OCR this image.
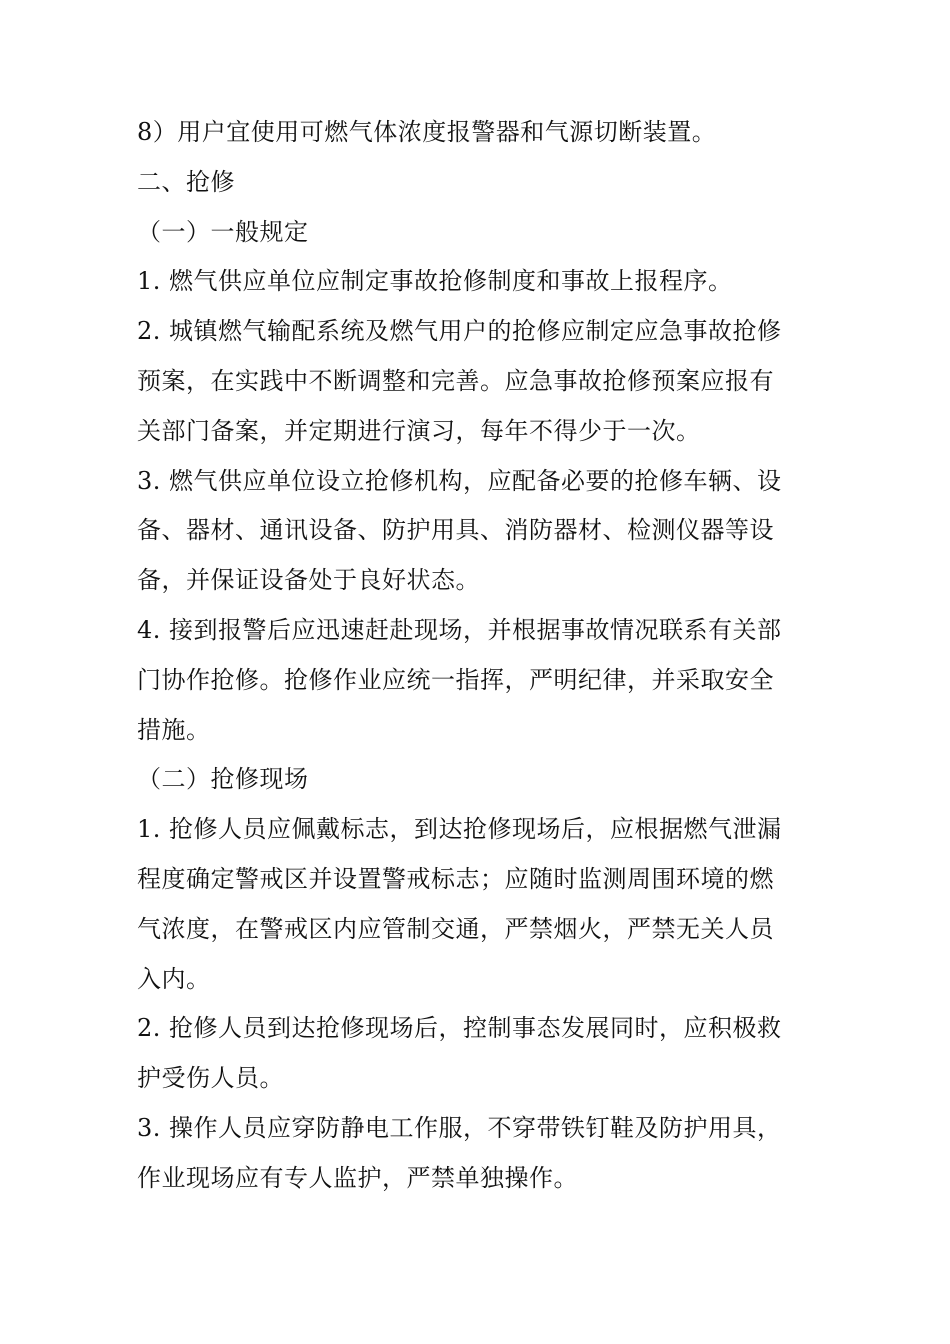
8）用户宜使用可燃气体浓度报警器和气源切断装置。
二、抢修
（一）一般规定
1. 燃气供应单位应制定事故抢修制度和事故上报程序。
2. 城镇燃气输配系统及燃气用户的抢修应制定应急事故抢修
预案，在实践中不断调整和完善。应急事故抢修预案应报有
关部门备案，并定期进行演习，每年不得少于一次。
3. 燃气供应单位设立抢修机构，应配备必要的抢修车辆、设
备、器材、通讯设备、防护用具、消防器材、检测仪器等设
备，并保证设备处于良好状态。
4. 接到报警后应迅速赶赴现场，并根据事故情况联系有关部
门协作抢修。抢修作业应统一指挥，严明纪律，并采取安全
措施。
（二）抢修现场
1. 抢修人员应佩戴标志，到达抢修现场后，应根据燃气泄漏
程度确定警戒区并设置警戒标志；应随时监测周围环境的燃
气浓度，在警戒区内应管制交通，严禁烟火，严禁无关人员
入内。
2. 抢修人员到达抢修现场后，控制事态发展同时，应积极救
护受伤人员。
3. 操作人员应穿防静电工作服，不穿带铁钉鞋及防护用具，
作业现场应有专人监护，严禁单独操作。
